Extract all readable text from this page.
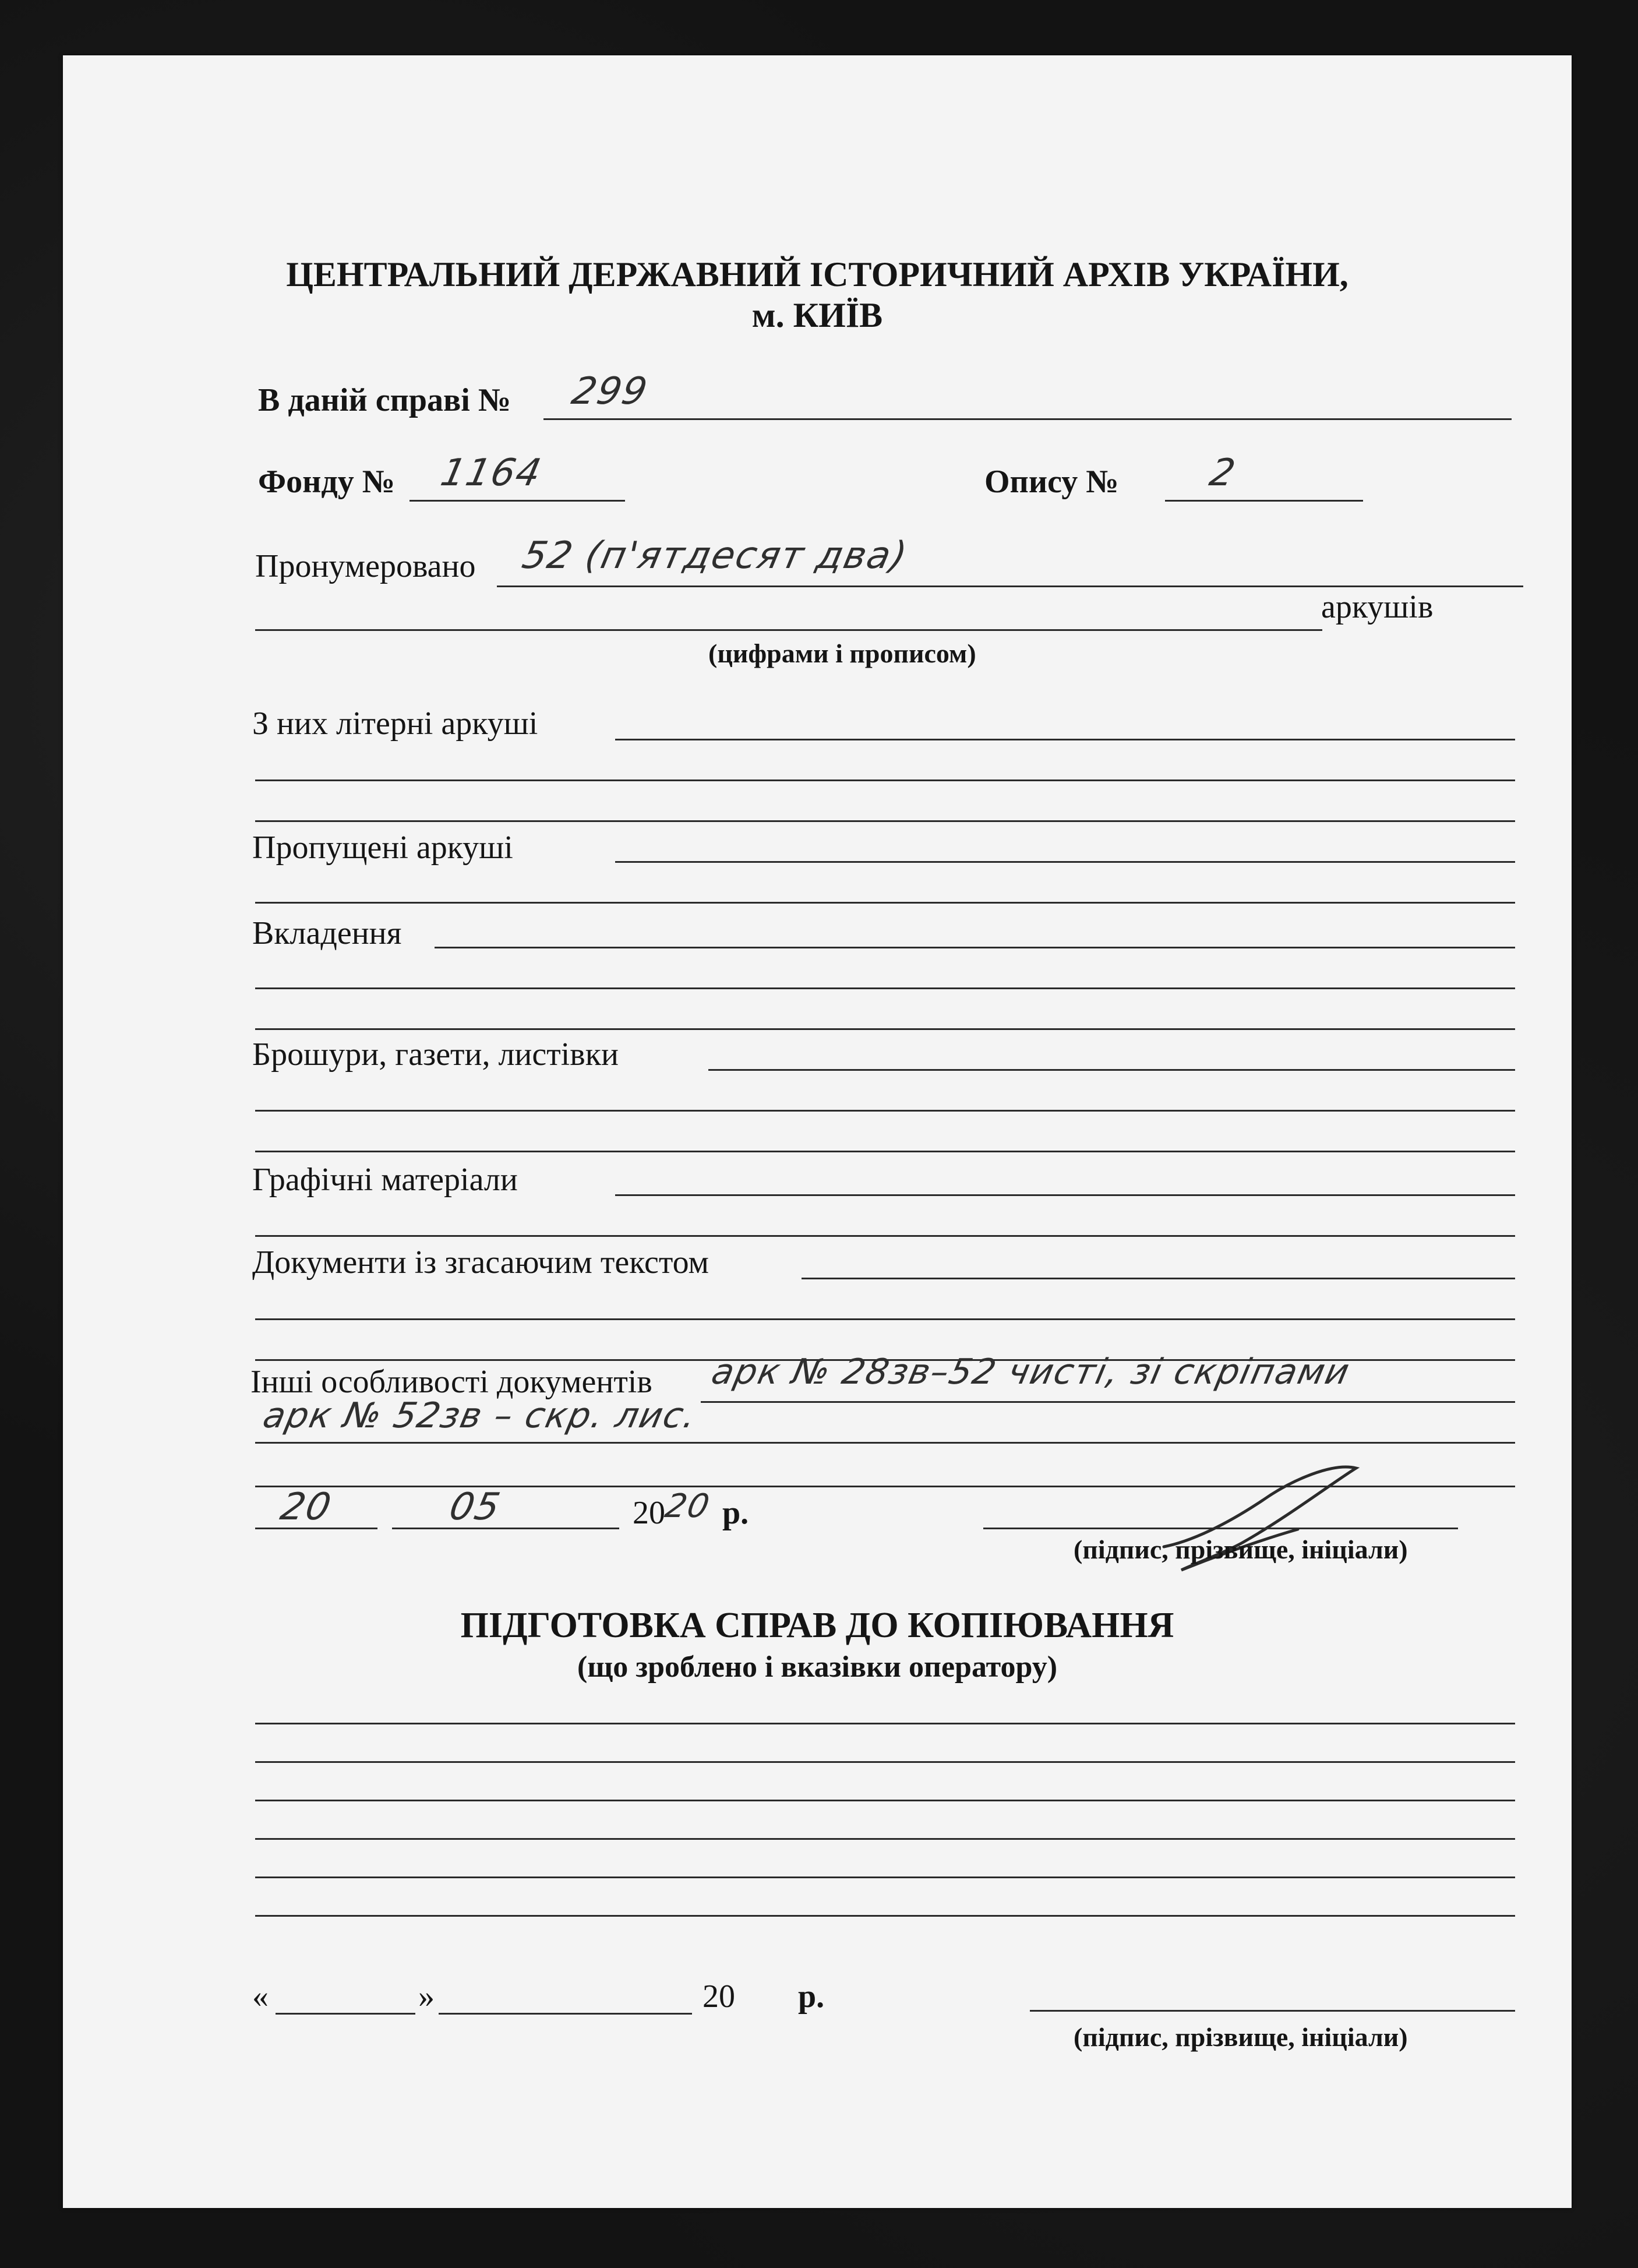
ЦЕНТРАЛЬНИЙ ДЕРЖАВНИЙ ІСТОРИЧНИЙ АРХІВ УКРАЇНИ,
м. КИЇВ
В даній справі № 299
Фонду № 1164	Опису № 2
Пронумеровано 52 (п'ятдесят два)
аркушів
(цифрами і прописом)
З них літерні аркуші
Пропущені аркуші
Вкладення
Брошури, газети, листівки
Графічні матеріали
Документи із згасаючим текстом
Інші особливості документів арк № 28зв–52 чисті, зі скріпами
арк № 52зв – скр. лис.
20	05	20
20 р.
(підпис, прізвище, ініціали)
ПІДГОТОВКА СПРАВ ДО КОПІЮВАННЯ
(що зроблено і вказівки оператору)
«	»	20 р.
(підпис, прізвище, ініціали)
